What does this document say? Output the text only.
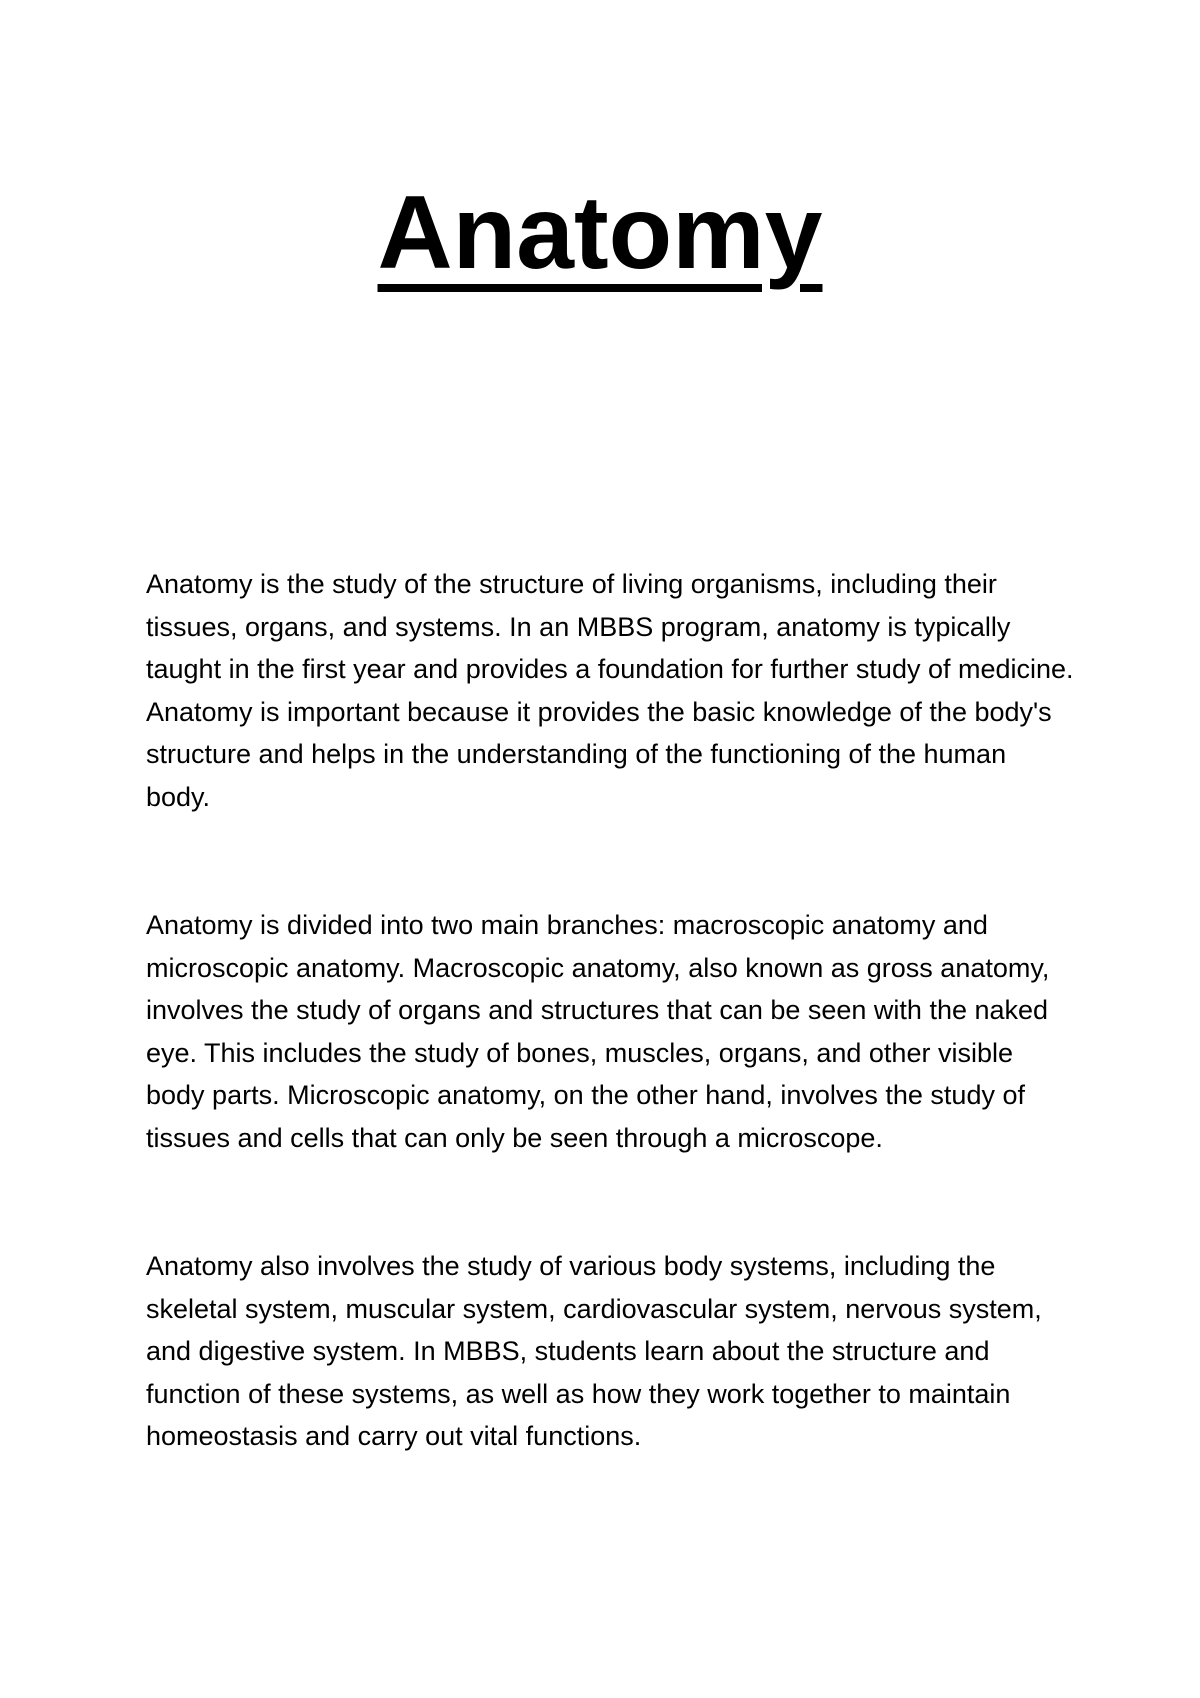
Anatomy

Anatomy is the study of the structure of living organisms, including their tissues, organs, and systems. In an MBBS program, anatomy is typically taught in the first year and provides a foundation for further study of medicine. Anatomy is important because it provides the basic knowledge of the body's structure and helps in the understanding of the functioning of the human body.

Anatomy is divided into two main branches: macroscopic anatomy and microscopic anatomy. Macroscopic anatomy, also known as gross anatomy, involves the study of organs and structures that can be seen with the naked eye. This includes the study of bones, muscles, organs, and other visible body parts. Microscopic anatomy, on the other hand, involves the study of tissues and cells that can only be seen through a microscope.

Anatomy also involves the study of various body systems, including the skeletal system, muscular system, cardiovascular system, nervous system, and digestive system. In MBBS, students learn about the structure and function of these systems, as well as how they work together to maintain homeostasis and carry out vital functions.
